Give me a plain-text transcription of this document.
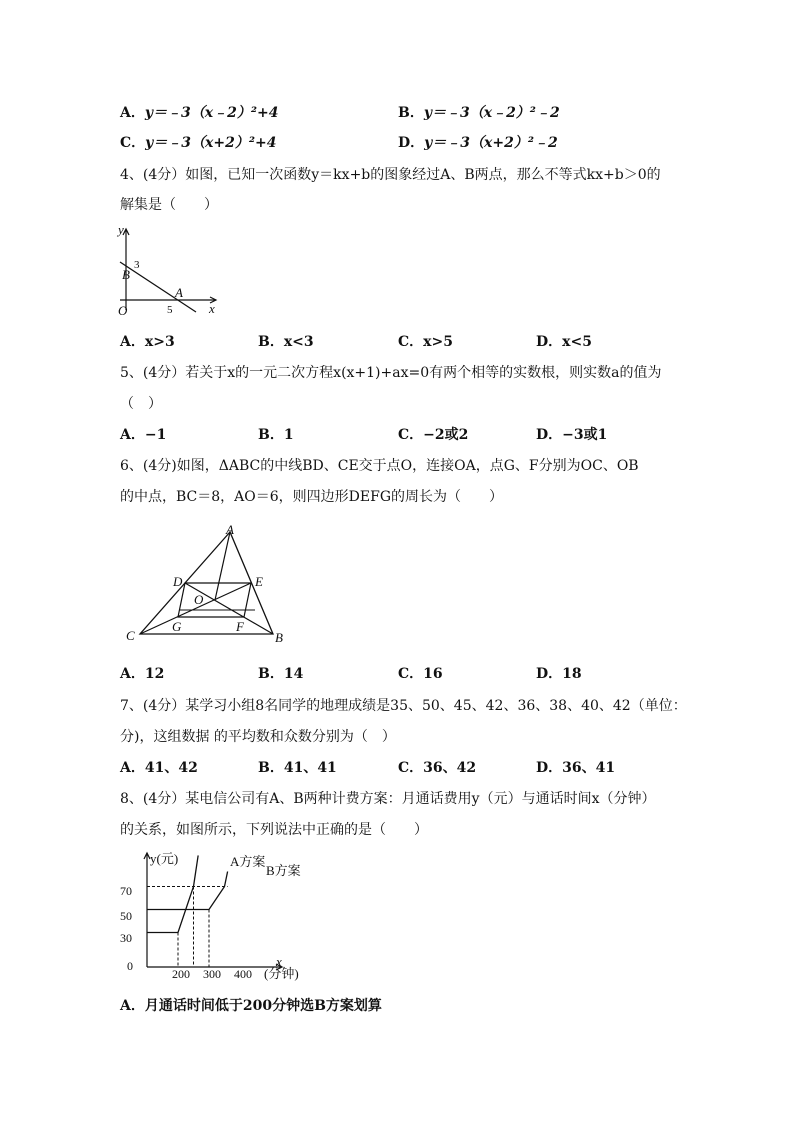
A．y＝﹣3（x﹣2）²+4	B．y＝﹣3（x﹣2）²﹣2
C．y＝﹣3（x+2）²+4	D．y＝﹣3（x+2）²﹣2
4、(4分）如图，已知一次函数y＝kx+b的图象经过A、B两点，那么不等式kx+b＞0的
解集是（　　）
y
x
O
B
3
A
5
A．x>3	B．x<3	C．x>5	D．x<5
5、(4分）若关于x的一元二次方程x(x+1)+ax=0有两个相等的实数根，则实数a的值为
（　）
A．−1	B．1	C．−2或2	D．−3或1
6、(4分)如图，ΔABC的中线BD、CE交于点O，连接OA，点G、F分别为OC、OB
的中点，BC＝8，AO＝6，则四边形DEFG的周长为（　　）
A
C	B
D	E
O
G	F
A．12	B．14	C．16	D．18
7、(4分）某学习小组8名同学的地理成绩是35、50、45、42、36、38、40、42（单位：
分)，这组数据 的平均数和众数分别为（　）
A．41、42	B．41、41	C．36、42	D．36、41
8、(4分）某电信公司有A、B两种计费方案：月通话费用y（元）与通话时间x（分钟）
的关系，如图所示，下列说法中正确的是（　　）
y(元)
x
(分钟)
70
50
30
0
200 300 400
A方案
B方案
A．月通话时间低于200分钟选B方案划算
